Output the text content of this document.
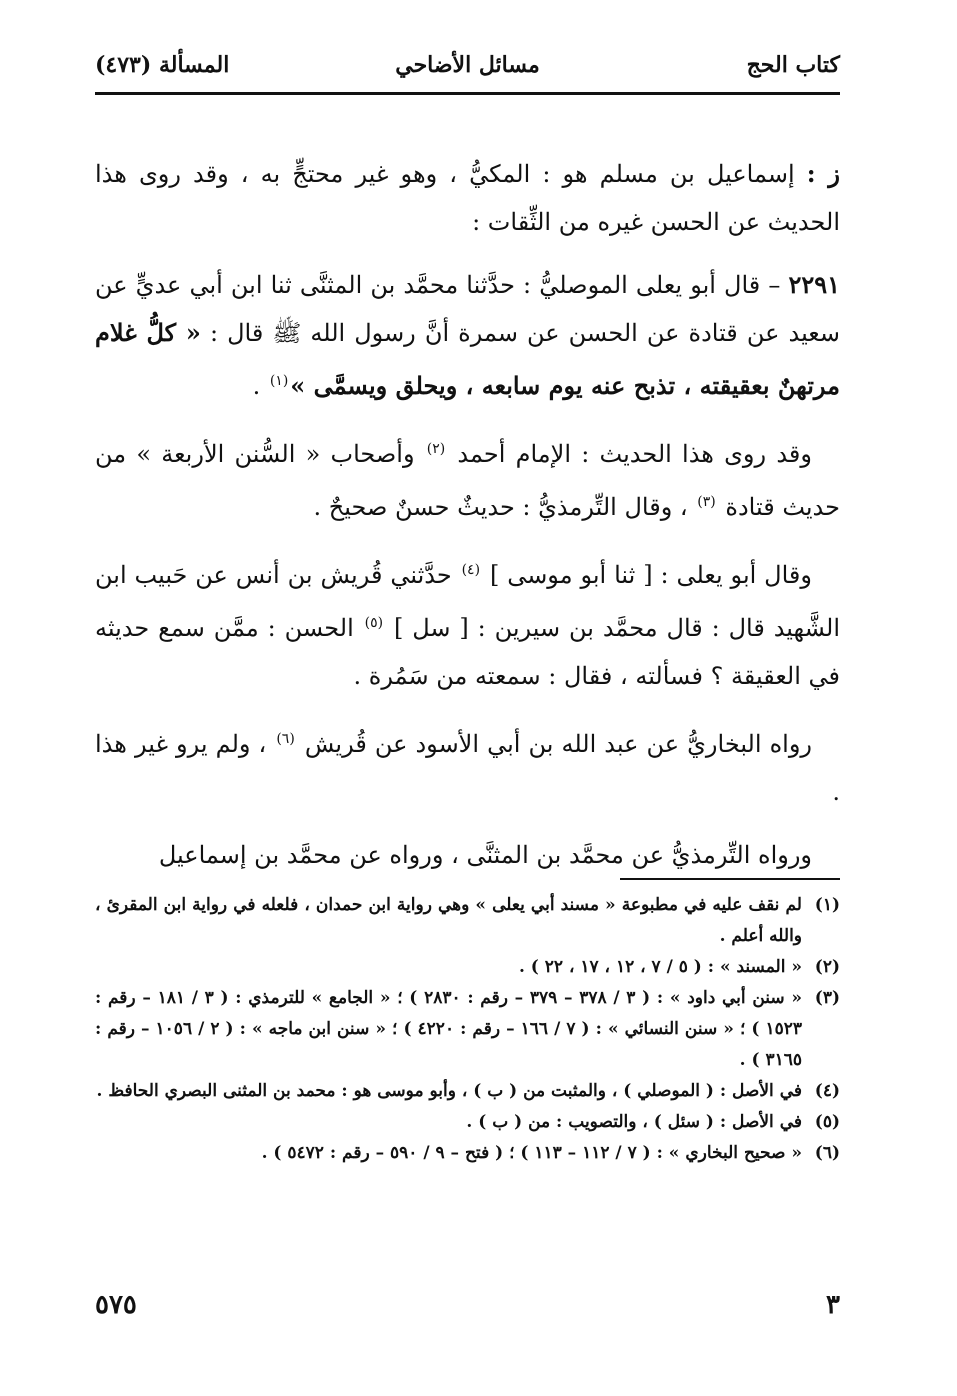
كتاب الحج
مسائل الأضاحي
المسألة (٤٧٣)

ز : إسماعيل بن مسلم هو : المكيُّ ، وهو غير محتجٍّ به ، وقد روى هذا الحديث عن الحسن غيره من الثِّقات :

٢٢٩١ – قال أبو يعلى الموصليُّ : حدَّثنا محمَّد بن المثنَّى ثنا ابن أبي عديٍّ عن سعيد عن قتادة عن الحسن عن سمرة أنَّ رسول الله ﷺ قال : « كلُّ غلام مرتهنٌ بعقيقته ، تذبح عنه يوم سابعه ، ويحلق ويسمَّى »$^{(١)}$ .

وقد روى هذا الحديث : الإمام أحمد $^{(٢)}$ وأصحاب « السُّنن الأربعة » من حديث قتادة $^{(٣)}$ ، وقال التِّرمذيُّ : حديثٌ حسنٌ صحيحٌ .

وقال أبو يعلى : [ ثنا أبو موسى ] $^{(٤)}$ حدَّثني قُريش بن أنس عن حَبيب ابن الشَّهيد قال : قال محمَّد بن سيرين : [ سل ] $^{(٥)}$ الحسن : ممَّن سمع حديثه في العقيقة ؟ فسألته ، فقال : سمعته من سَمُرة .

رواه البخاريُّ عن عبد الله بن أبي الأسود عن قُريش $^{(٦)}$ ، ولم يرو غير هذا .

ورواه التِّرمذيُّ عن محمَّد بن المثنَّى ، ورواه عن محمَّد بن إسماعيل

(١)
لم نقف عليه في مطبوعة « مسند أبي يعلى » وهي رواية ابن حمدان ، فلعله في رواية ابن المقرئ ، والله أعلم .

(٢)
« المسند » : ( ٥ / ٧ ، ١٢ ، ١٧ ، ٢٢ ) .

(٣)
« سنن أبي داود » : ( ٣ / ٣٧٨ – ٣٧٩ – رقم : ٢٨٣٠ ) ؛ « الجامع » للترمذي : ( ٣ / ١٨١ – رقم : ١٥٢٣ ) ؛ « سنن النسائي » : ( ٧ / ١٦٦ – رقم : ٤٢٢٠ ) ؛ « سنن ابن ماجه » : ( ٢ / ١٠٥٦ – رقم : ٣١٦٥ ) .

(٤)
في الأصل : ( الموصلي ) ، والمثبت من ( ب ) ، وأبو موسى هو : محمد بن المثنى البصري الحافظ .

(٥)
في الأصل : ( سئل ) ، والتصويب : من ( ب ) .

(٦)
« صحيح البخاري » : ( ٧ / ١١٢ – ١١٣ ) ؛ ( فتح – ٩ / ٥٩٠ – رقم : ٥٤٧٢ ) .

٣
٥٧٥
